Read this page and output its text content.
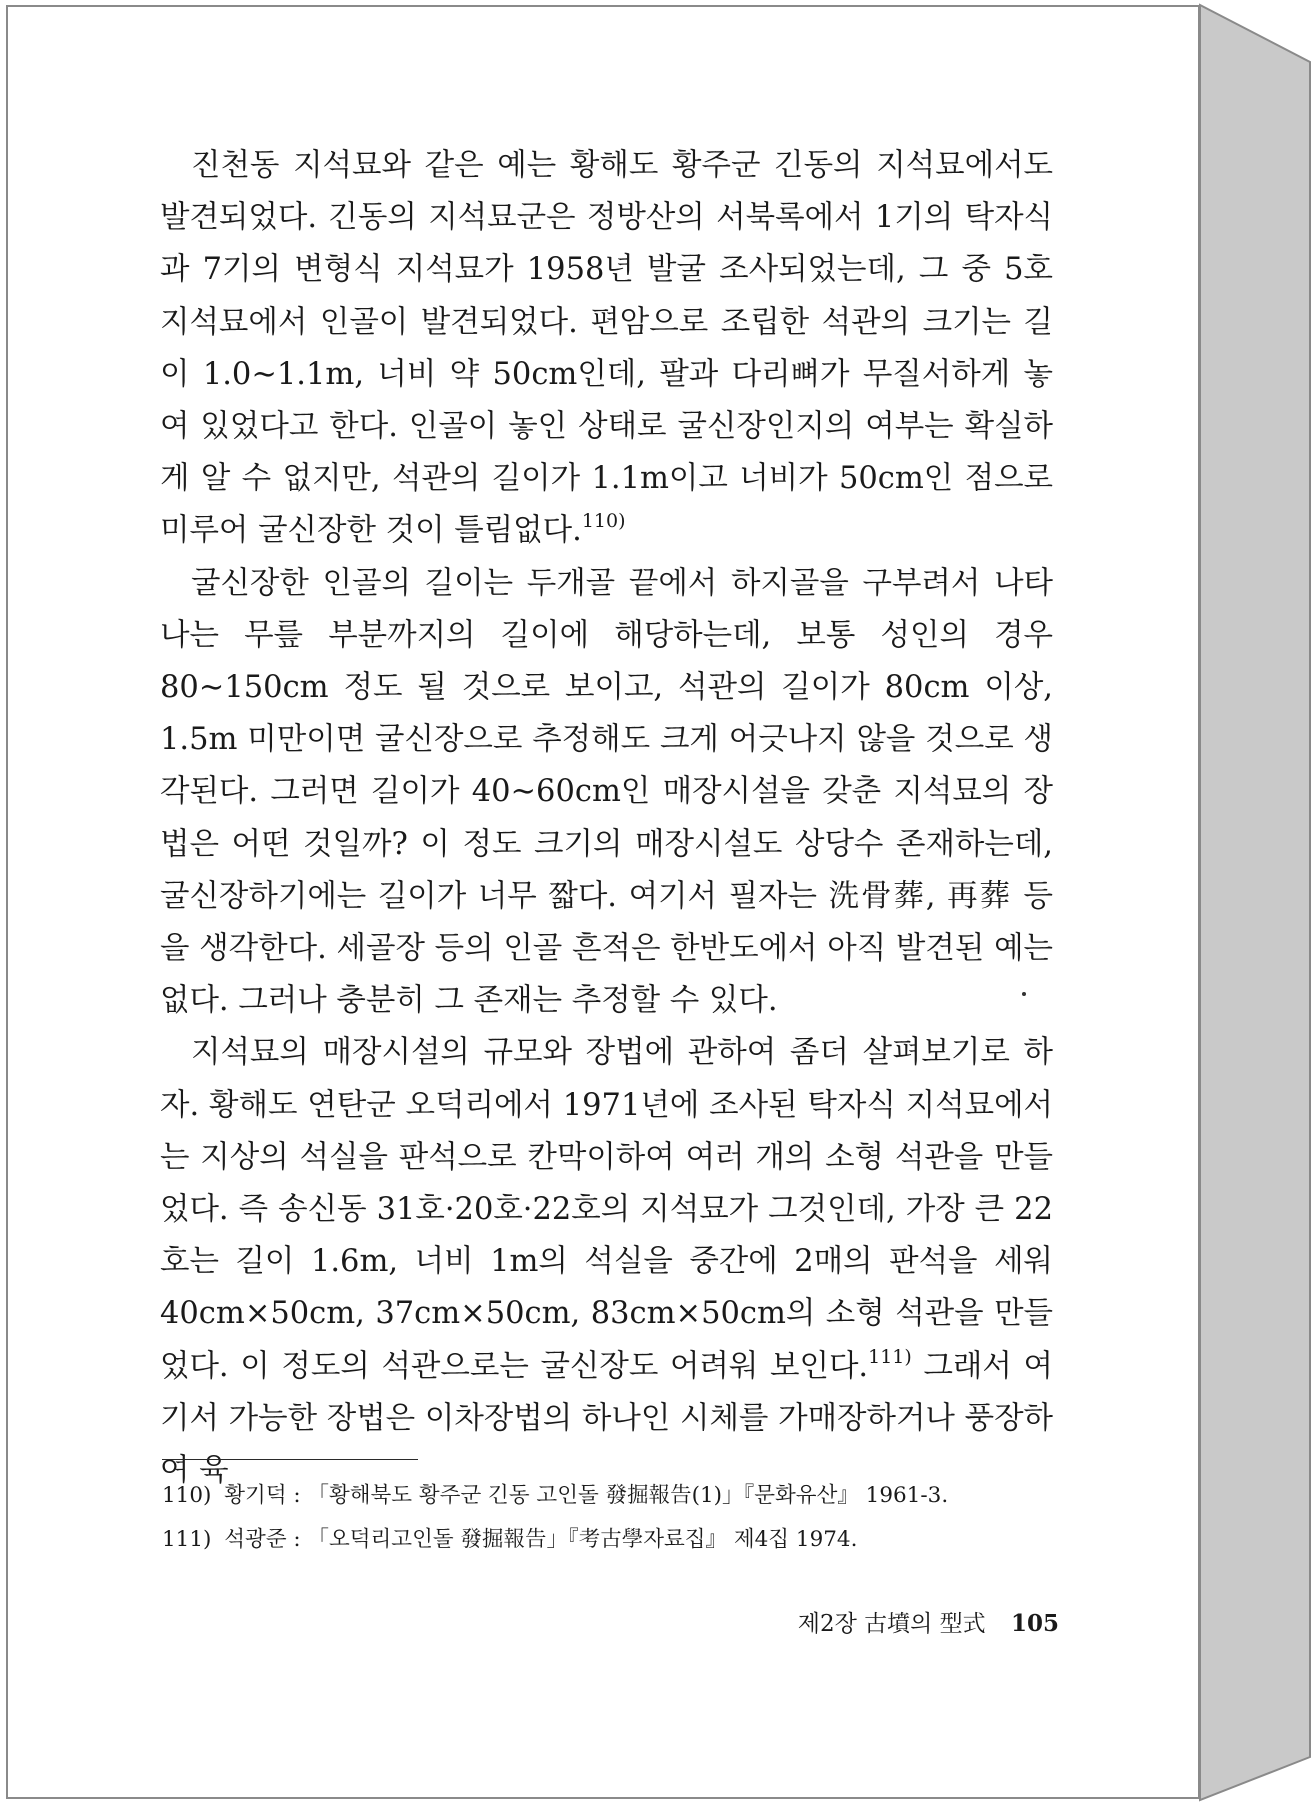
진천동 지석묘와 같은 예는 황해도 황주군 긴동의 지석묘에서도 발견되었다. 긴동의 지석묘군은 정방산의 서북록에서 1기의 탁자식과 7기의 변형식 지석묘가 1958년 발굴 조사되었는데, 그 중 5호 지석묘에서 인골이 발견되었다. 편암으로 조립한 석관의 크기는 길이 1.0∼1.1m, 너비 약 50cm인데, 팔과 다리뼈가 무질서하게 놓여 있었다고 한다. 인골이 놓인 상태로 굴신장인지의 여부는 확실하게 알 수 없지만, 석관의 길이가 1.1m이고 너비가 50cm인 점으로 미루어 굴신장한 것이 틀림없다.$^{110)}$

굴신장한 인골의 길이는 두개골 끝에서 하지골을 구부려서 나타나는 무릎 부분까지의 길이에 해당하는데, 보통 성인의 경우 80∼150cm 정도 될 것으로 보이고, 석관의 길이가 80cm 이상, 1.5m 미만이면 굴신장으로 추정해도 크게 어긋나지 않을 것으로 생각된다. 그러면 길이가 40∼60cm인 매장시설을 갖춘 지석묘의 장법은 어떤 것일까? 이 정도 크기의 매장시설도 상당수 존재하는데, 굴신장하기에는 길이가 너무 짧다. 여기서 필자는 洗骨葬, 再葬 등을 생각한다. 세골장 등의 인골 흔적은 한반도에서 아직 발견된 예는 없다. 그러나 충분히 그 존재는 추정할 수 있다.

지석묘의 매장시설의 규모와 장법에 관하여 좀더 살펴보기로 하자. 황해도 연탄군 오덕리에서 1971년에 조사된 탁자식 지석묘에서는 지상의 석실을 판석으로 칸막이하여 여러 개의 소형 석관을 만들었다. 즉 송신동 31호·20호·22호의 지석묘가 그것인데, 가장 큰 22호는 길이 1.6m, 너비 1m의 석실을 중간에 2매의 판석을 세워 40cm×50cm, 37cm×50cm, 83cm×50cm의 소형 석관을 만들었다. 이 정도의 석관으로는 굴신장도 어려워 보인다.$^{111)}$ 그래서 여기서 가능한 장법은 이차장법의 하나인 시체를 가매장하거나 풍장하여 육

110) 황기덕 : 「황해북도 황주군 긴동 고인돌 發掘報告(1)」『문화유산』 1961-3.
111) 석광준 : 「오덕리고인돌 發掘報告」『考古學자료집』 제4집 1974.
제2장 古墳의 型式 105
